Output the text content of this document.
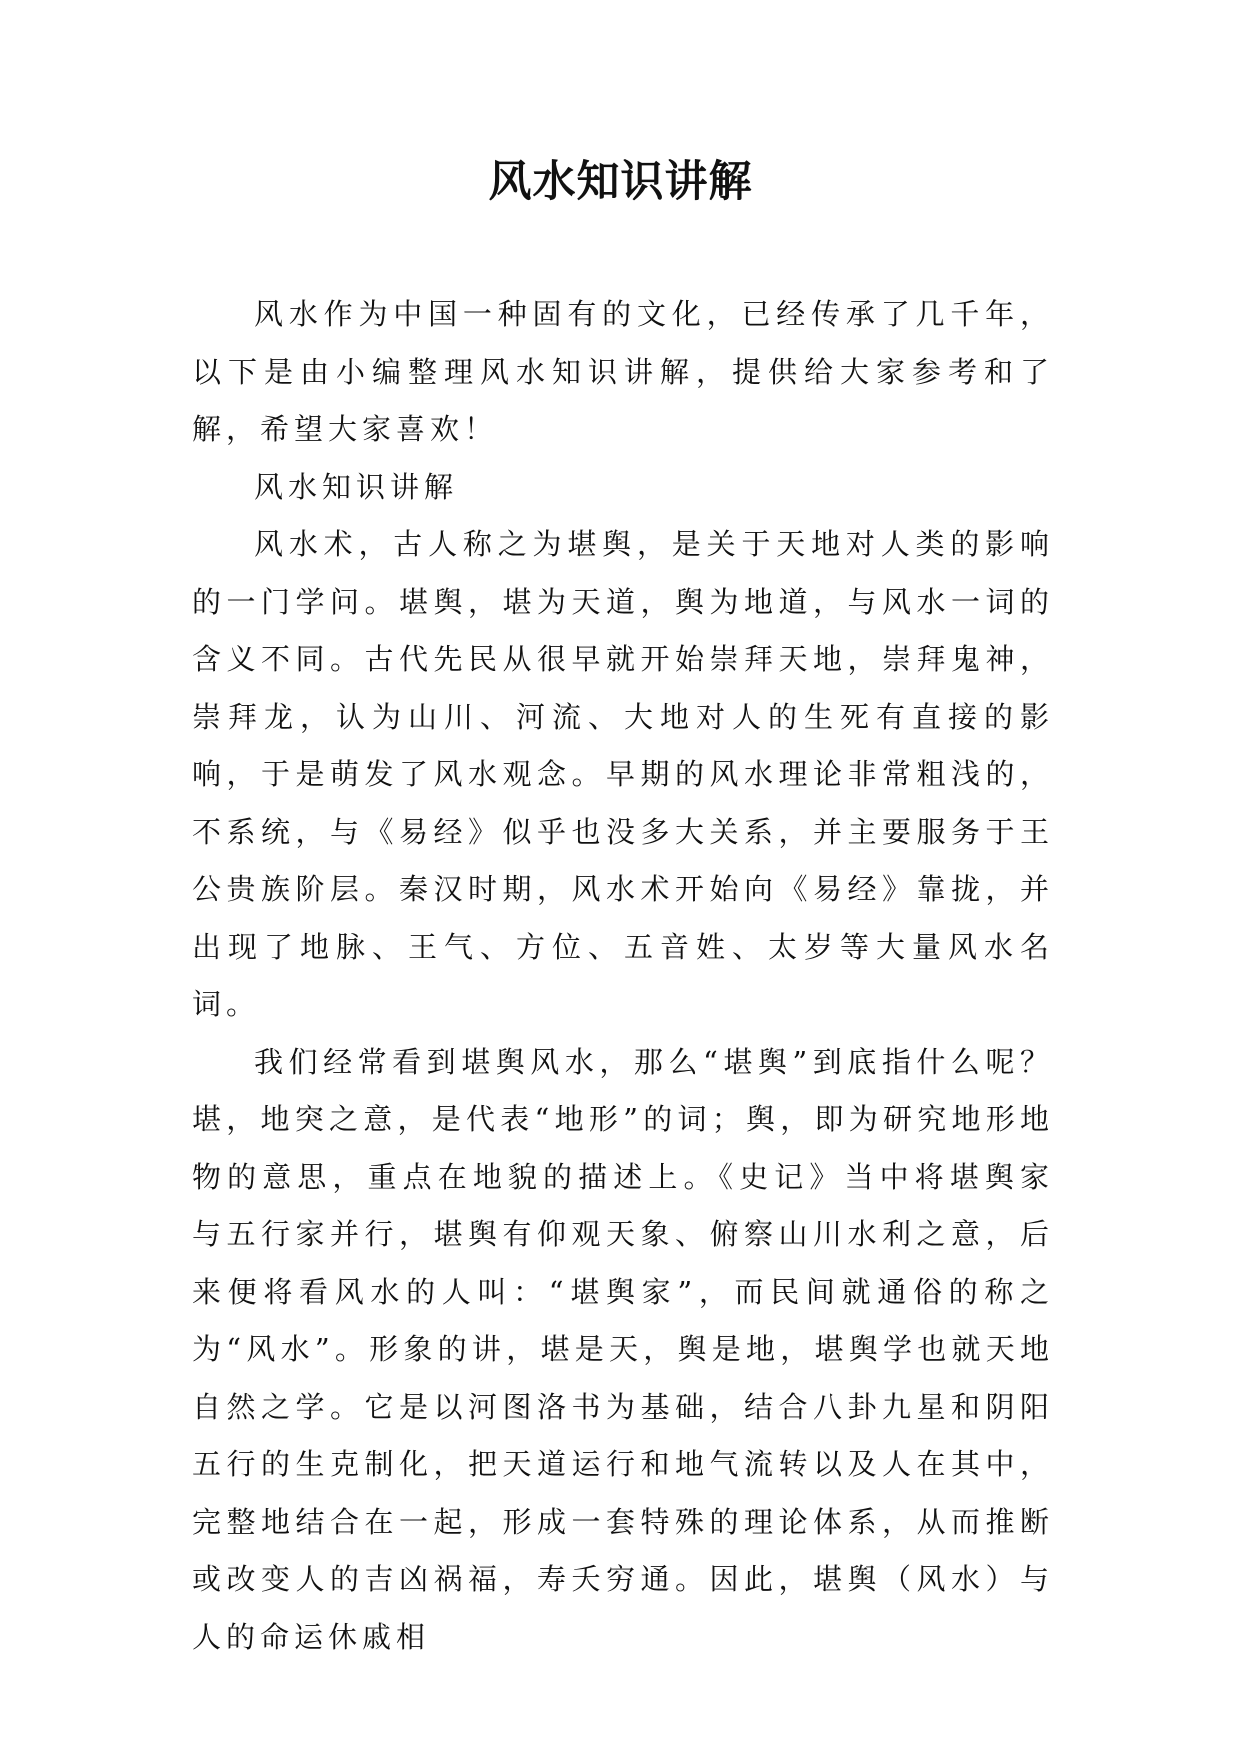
风水知识讲解

风水作为中国一种固有的文化，已经传承了几千年，以下是由小编整理风水知识讲解，提供给大家参考和了解，希望大家喜欢！

风水知识讲解

风水术，古人称之为堪舆，是关于天地对人类的影响的一门学问。堪舆，堪为天道，舆为地道，与风水一词的含义不同。古代先民从很早就开始崇拜天地，崇拜鬼神，崇拜龙，认为山川、河流、大地对人的生死有直接的影响，于是萌发了风水观念。早期的风水理论非常粗浅的，不系统，与《易经》似乎也没多大关系，并主要服务于王公贵族阶层。秦汉时期，风水术开始向《易经》靠拢，并出现了地脉、王气、方位、五音姓、太岁等大量风水名词。

我们经常看到堪舆风水，那么“堪舆”到底指什么呢？堪，地突之意，是代表“地形”的词；舆，即为研究地形地物的意思，重点在地貌的描述上。《史记》当中将堪舆家与五行家并行，堪舆有仰观天象、俯察山川水利之意，后来便将看风水的人叫：“堪舆家”，而民间就通俗的称之为“风水”。形象的讲，堪是天，舆是地，堪舆学也就天地自然之学。它是以河图洛书为基础，结合八卦九星和阴阳五行的生克制化，把天道运行和地气流转以及人在其中，完整地结合在一起，形成一套特殊的理论体系，从而推断或改变人的吉凶祸福，寿夭穷通。因此，堪舆（风水）与人的命运休戚相
